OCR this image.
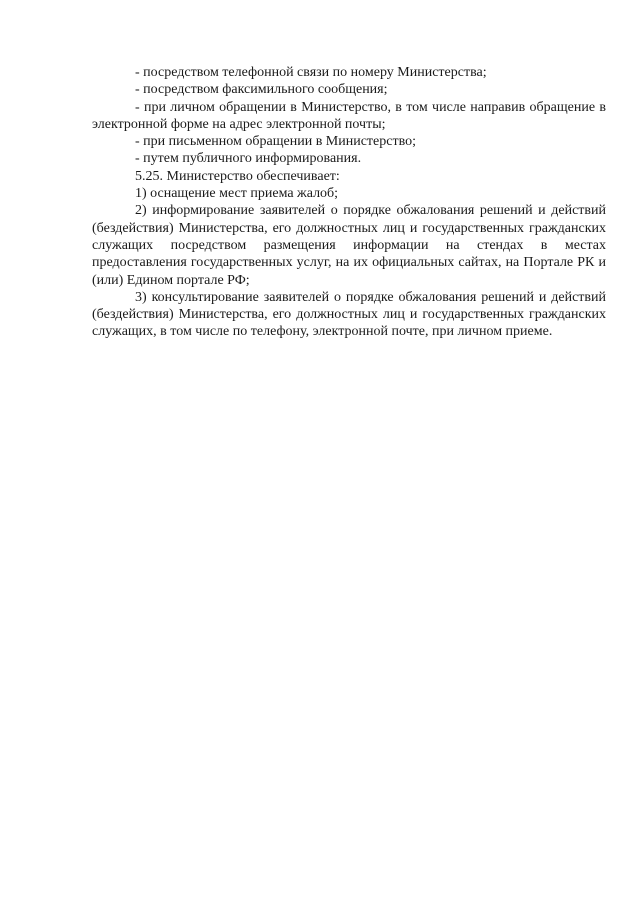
- посредством телефонной связи по номеру Министерства;

- посредством факсимильного сообщения;

- при личном обращении в Министерство, в том числе направив обращение в электронной форме на адрес электронной почты;

- при письменном обращении в Министерство;

- путем публичного информирования.

5.25. Министерство обеспечивает:

1) оснащение мест приема жалоб;

2) информирование заявителей о порядке обжалования решений и действий (бездействия) Министерства, его должностных лиц и государственных гражданских служащих посредством размещения информации на стендах в местах предоставления государственных услуг, на их официальных сайтах, на Портале РК и (или) Едином портале РФ;

3) консультирование заявителей о порядке обжалования решений и действий (бездействия) Министерства, его должностных лиц и государственных гражданских служащих, в том числе по телефону, электронной почте, при личном приеме.
